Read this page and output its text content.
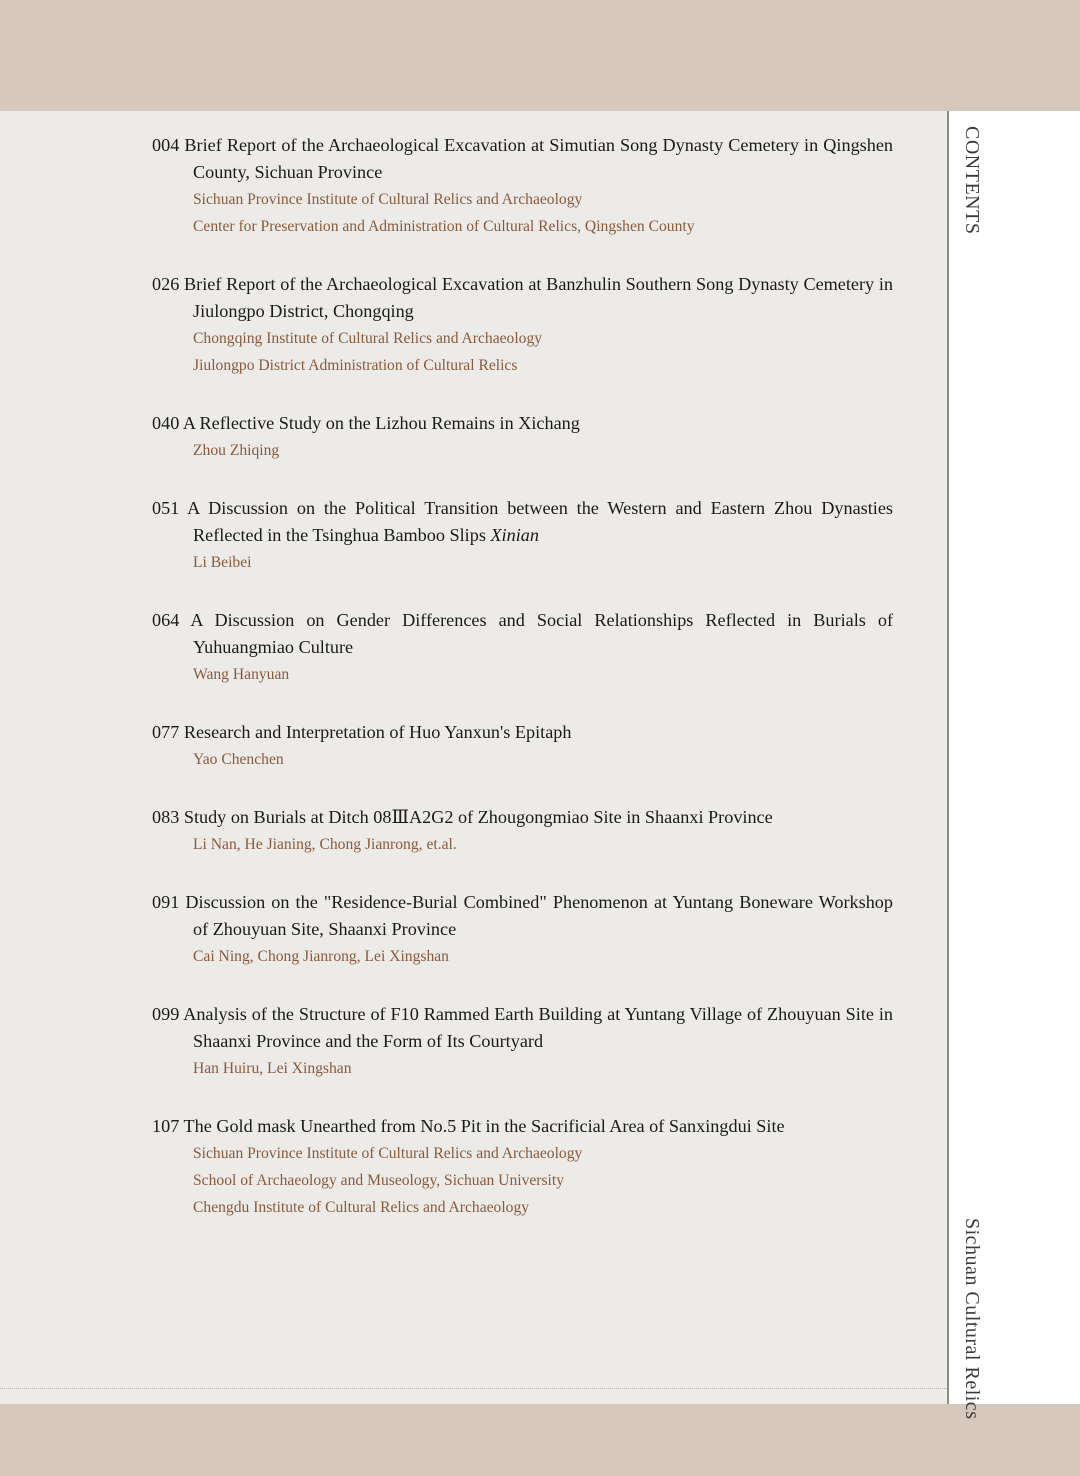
CONTENTS
Sichuan Cultural Relics

004 Brief Report of the Archaeological Excavation at Simutian Song Dynasty Cemetery in Qingshen County, Sichuan Province

Sichuan Province Institute of Cultural Relics and Archaeology
Center for Preservation and Administration of Cultural Relics, Qingshen County

026 Brief Report of the Archaeological Excavation at Banzhulin Southern Song Dynasty Cemetery in Jiulongpo District, Chongqing

Chongqing Institute of Cultural Relics and Archaeology
Jiulongpo District Administration of Cultural Relics

040 A Reflective Study on the Lizhou Remains in Xichang

Zhou Zhiqing

051 A Discussion on the Political Transition between the Western and Eastern Zhou Dynasties Reflected in the Tsinghua Bamboo Slips Xinian

Li Beibei

064 A Discussion on Gender Differences and Social Relationships Reflected in Burials of Yuhuangmiao Culture

Wang Hanyuan

077 Research and Interpretation of Huo Yanxun's Epitaph

Yao Chenchen

083 Study on Burials at Ditch 08ⅢA2G2 of Zhougongmiao Site in Shaanxi Province

Li Nan, He Jianing, Chong Jianrong, et.al.

091 Discussion on the "Residence-Burial Combined" Phenomenon at Yuntang Boneware Workshop of Zhouyuan Site, Shaanxi Province

Cai Ning, Chong Jianrong, Lei Xingshan

099 Analysis of the Structure of F10 Rammed Earth Building at Yuntang Village of Zhouyuan Site in Shaanxi Province and the Form of Its Courtyard

Han Huiru, Lei Xingshan

107 The Gold mask Unearthed from No.5 Pit in the Sacrificial Area of Sanxingdui Site

Sichuan Province Institute of Cultural Relics and Archaeology
School of Archaeology and Museology, Sichuan University
Chengdu Institute of Cultural Relics and Archaeology
